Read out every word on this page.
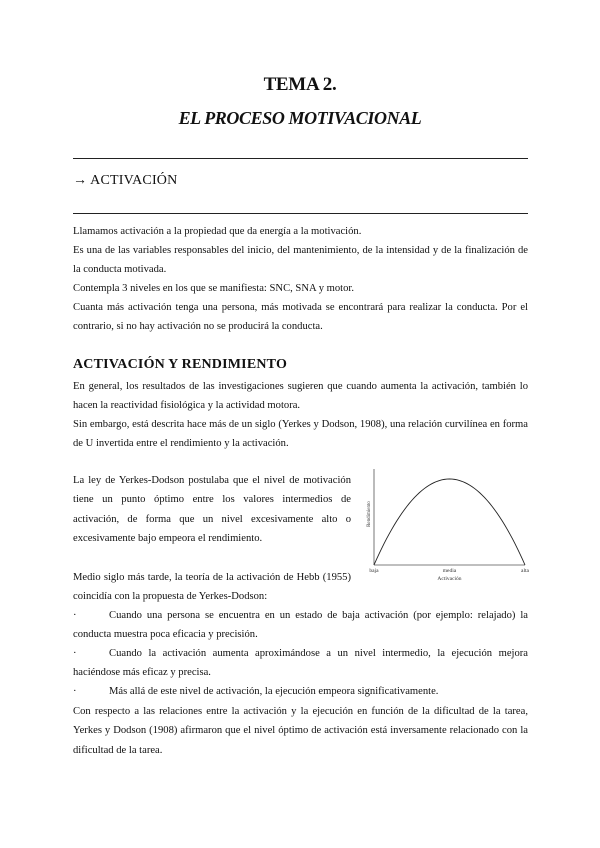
TEMA 2.
EL PROCESO MOTIVACIONAL
→ ACTIVACIÓN
Llamamos activación a la propiedad que da energía a la motivación.
Es una de las variables responsables del inicio, del mantenimiento, de la intensidad y de la finalización de la conducta motivada.
Contempla 3 niveles en los que se manifiesta: SNC, SNA y motor.
Cuanta más activación tenga una persona, más motivada se encontrará para realizar la conducta. Por el contrario, si no hay activación no se producirá la conducta.
ACTIVACIÓN Y RENDIMIENTO
En general, los resultados de las investigaciones sugieren que cuando aumenta la activación, también lo hacen la reactividad fisiológica y la actividad motora.
Sin embargo, está descrita hace más de un siglo (Yerkes y Dodson, 1908), una relación curvilínea en forma de U invertida entre el rendimiento y la activación.
La ley de Yerkes-Dodson postulaba que el nivel de motivación tiene un punto óptimo entre los valores intermedios de activación, de forma que un nivel excesivamente alto o excesivamente bajo empeora el rendimiento.
Medio siglo más tarde, la teoría de la activación de Hebb (1955) coincidía con la propuesta de Yerkes-Dodson:
·	Cuando una persona se encuentra en un estado de baja activación (por ejemplo: relajado) la conducta muestra poca eficacia y precisión.
·	Cuando la activación aumenta aproximándose a un nivel intermedio, la ejecución mejora haciéndose más eficaz y precisa.
·	Más allá de este nivel de activación, la ejecución empeora significativamente.
Con respecto a las relaciones entre la activación y la ejecución en función de la dificultad de la tarea, Yerkes y Dodson (1908) afirmaron que el nivel óptimo de activación está inversamente relacionado con la dificultad de la tarea.
baja	media	alta
Activación
Rendimiento
